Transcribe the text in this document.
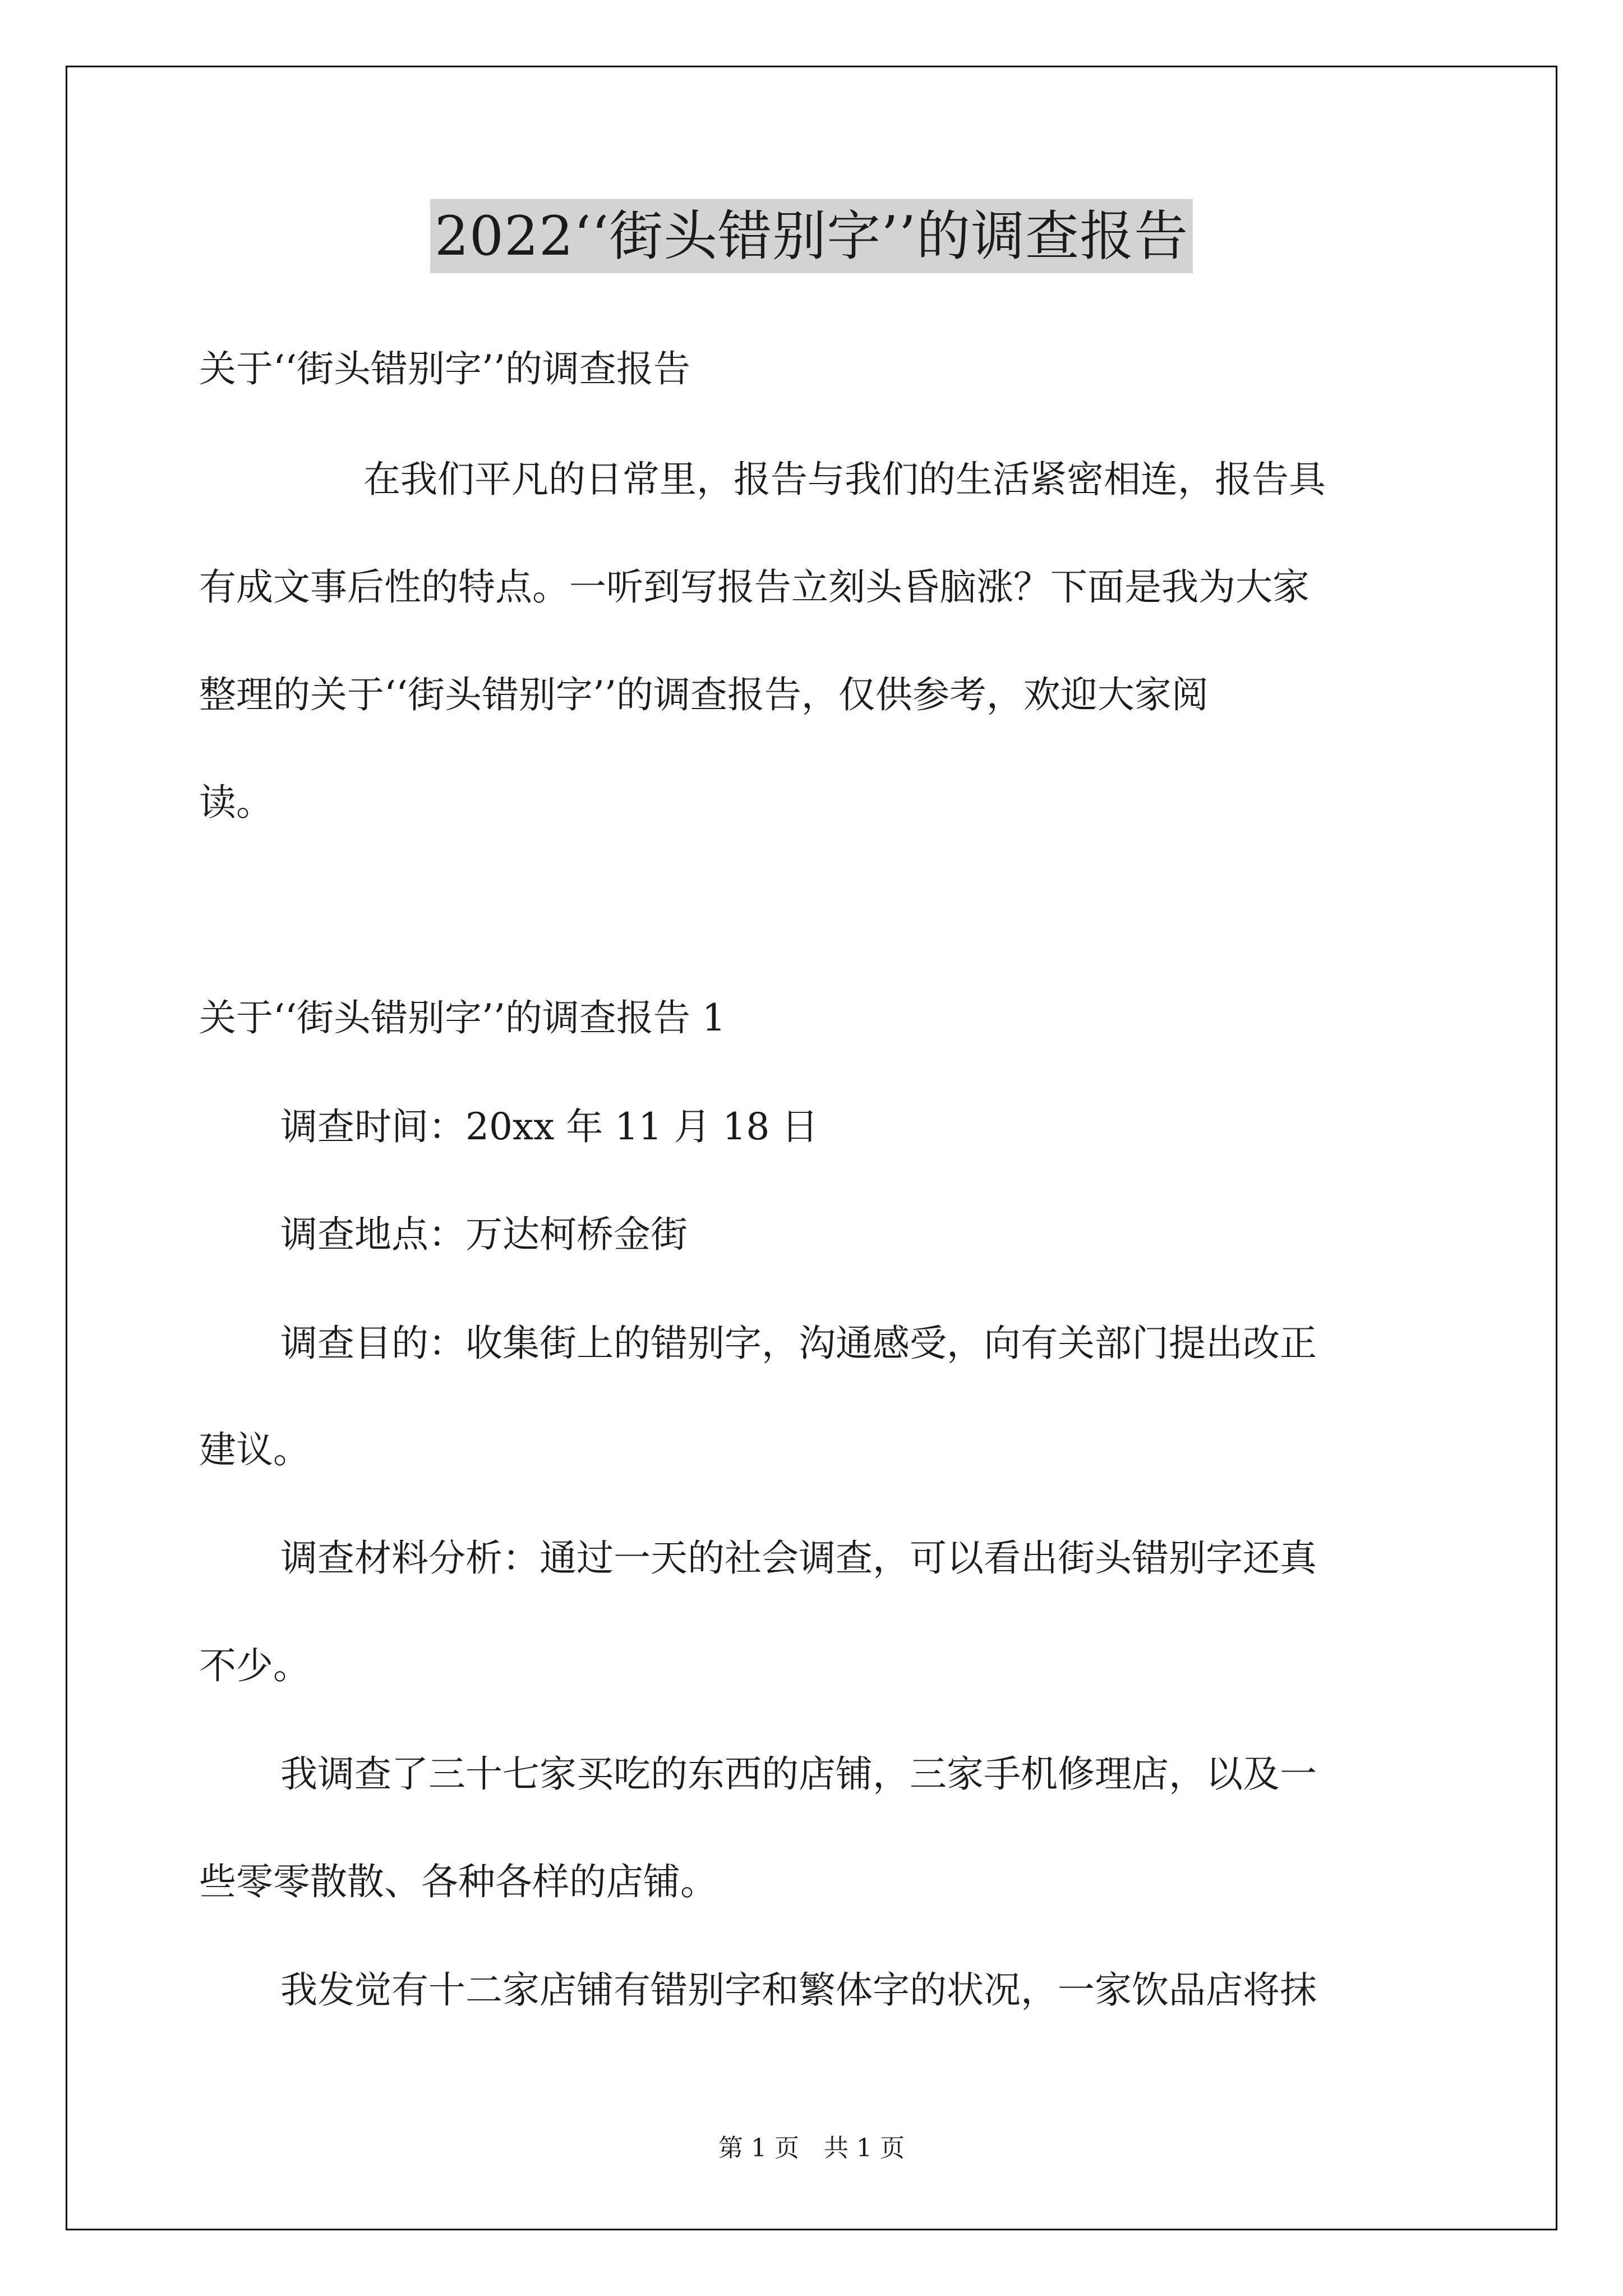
2022‘‘街头错别字’’的调查报告
关于‘‘街头错别字’’的调查报告
在我们平凡的日常里，报告与我们的生活紧密相连，报告具
有成文事后性的特点。一听到写报告立刻头昏脑涨？下面是我为大家
整理的关于‘‘街头错别字’’的调查报告，仅供参考，欢迎大家阅
读。
关于‘‘街头错别字’’的调查报告 1
调查时间：20xx 年 11 月 18 日
调查地点：万达柯桥金街
调查目的：收集街上的错别字，沟通感受，向有关部门提出改正
建议。
调查材料分析：通过一天的社会调查，可以看出街头错别字还真
不少。
我调查了三十七家买吃的东西的店铺，三家手机修理店，以及一
些零零散散、各种各样的店铺。
我发觉有十二家店铺有错别字和繁体字的状况，一家饮品店将抹
第 1 页　共 1 页
